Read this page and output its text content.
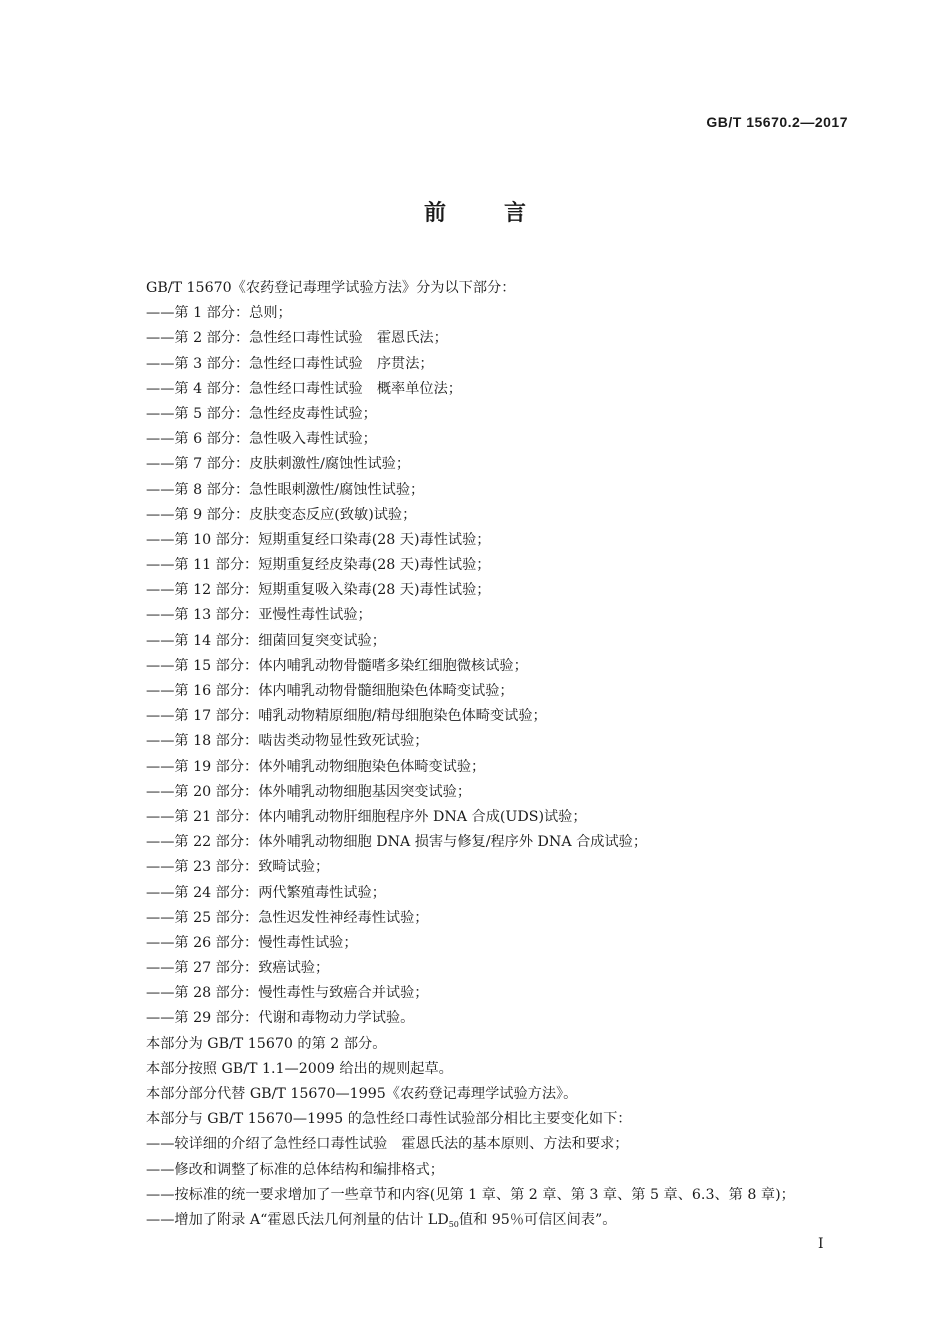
GB/T 15670.2—2017
前言
GB/T 15670《农药登记毒理学试验方法》分为以下部分：
——第 1 部分：总则；
——第 2 部分：急性经口毒性试验　霍恩氏法；
——第 3 部分：急性经口毒性试验　序贯法；
——第 4 部分：急性经口毒性试验　概率单位法；
——第 5 部分：急性经皮毒性试验；
——第 6 部分：急性吸入毒性试验；
——第 7 部分：皮肤刺激性/腐蚀性试验；
——第 8 部分：急性眼刺激性/腐蚀性试验；
——第 9 部分：皮肤变态反应(致敏)试验；
——第 10 部分：短期重复经口染毒(28 天)毒性试验；
——第 11 部分：短期重复经皮染毒(28 天)毒性试验；
——第 12 部分：短期重复吸入染毒(28 天)毒性试验；
——第 13 部分：亚慢性毒性试验；
——第 14 部分：细菌回复突变试验；
——第 15 部分：体内哺乳动物骨髓嗜多染红细胞微核试验；
——第 16 部分：体内哺乳动物骨髓细胞染色体畸变试验；
——第 17 部分：哺乳动物精原细胞/精母细胞染色体畸变试验；
——第 18 部分：啮齿类动物显性致死试验；
——第 19 部分：体外哺乳动物细胞染色体畸变试验；
——第 20 部分：体外哺乳动物细胞基因突变试验；
——第 21 部分：体内哺乳动物肝细胞程序外 DNA 合成(UDS)试验；
——第 22 部分：体外哺乳动物细胞 DNA 损害与修复/程序外 DNA 合成试验；
——第 23 部分：致畸试验；
——第 24 部分：两代繁殖毒性试验；
——第 25 部分：急性迟发性神经毒性试验；
——第 26 部分：慢性毒性试验；
——第 27 部分：致癌试验；
——第 28 部分：慢性毒性与致癌合并试验；
——第 29 部分：代谢和毒物动力学试验。
本部分为 GB/T 15670 的第 2 部分。
本部分按照 GB/T 1.1—2009 给出的规则起草。
本部分部分代替 GB/T 15670—1995《农药登记毒理学试验方法》。
本部分与 GB/T 15670—1995 的急性经口毒性试验部分相比主要变化如下：
——较详细的介绍了急性经口毒性试验　霍恩氏法的基本原则、方法和要求；
——修改和调整了标准的总体结构和编排格式；
——按标准的统一要求增加了一些章节和内容(见第 1 章、第 2 章、第 3 章、第 5 章、6.3、第 8 章)；
——增加了附录 A“霍恩氏法几何剂量的估计 $LD_{50}$值和 95％可信区间表”。
I
